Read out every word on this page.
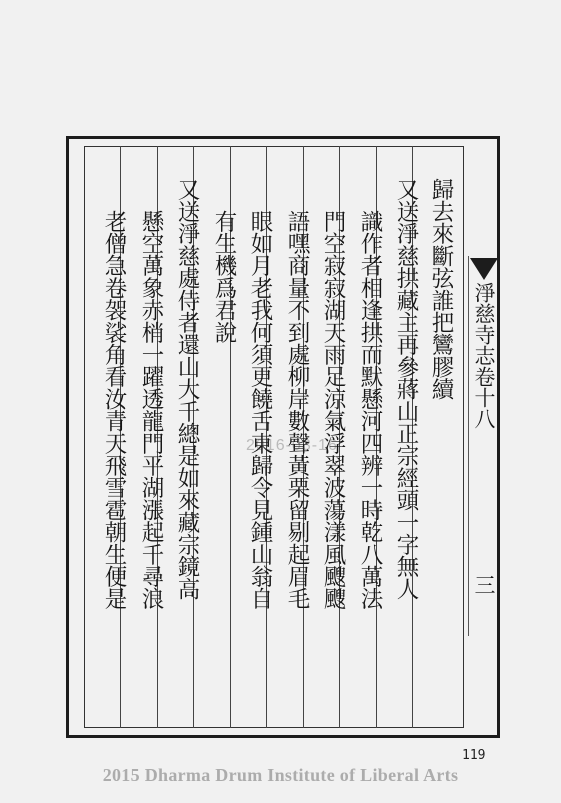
歸去來斷弦誰把鸞膠續
又送淨慈拱藏主再參蔣山正宗經頭一字無人
識作者相逢拱而默懸河四辨一時乾八萬法
門空寂寂湖天雨足涼氣浮翠波蕩漾風颼颼
語嘿商量不到處柳岸數聲黃栗留剔起眉毛
眼如月老我何須更饒舌東歸令見鍾山翁自
有生機爲君說
又送淨慈處侍者還山大千總是如來藏宗鏡高
懸空萬象赤梢一躍透龍門平湖漲起千尋浪
老僧急卷袈裟角看汝青天飛雪雹朝生便是	淨慈寺志卷十八
三
2016-03-16
119
2015 Dharma Drum Institute of Liberal Arts
